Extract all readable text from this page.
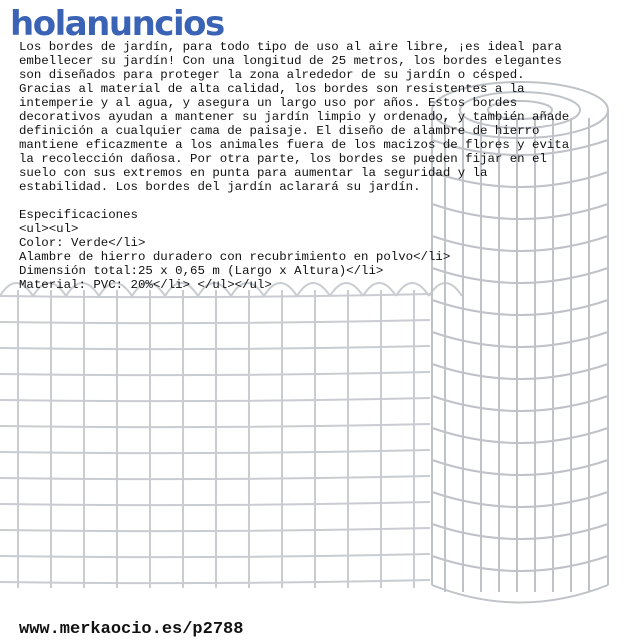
holanuncios
Los bordes de jardín, para todo tipo de uso al aire libre, ¡es ideal para
embellecer su jardín! Con una longitud de 25 metros, los bordes elegantes
son diseñados para proteger la zona alrededor de su jardín o césped.
Gracias al material de alta calidad, los bordes son resistentes a la
intemperie y al agua, y asegura un largo uso por años. Estos bordes
decorativos ayudan a mantener su jardín limpio y ordenado, y también añade
definición a cualquier cama de paisaje. El diseño de alambre de hierro
mantiene eficazmente a los animales fuera de los macizos de flores y evita
la recolección dañosa. Por otra parte, los bordes se pueden fijar en el
suelo con sus extremos en punta para aumentar la seguridad y la
estabilidad. Los bordes del jardín aclarará su jardín.

Especificaciones
<ul><ul>
Color: Verde</li>
Alambre de hierro duradero con recubrimiento en polvo</li>
Dimensión total:25 x 0,65 m (Largo x Altura)</li>
Material: PVC: 20%</li> </ul></ul>
www.merkaocio.es/p2788
